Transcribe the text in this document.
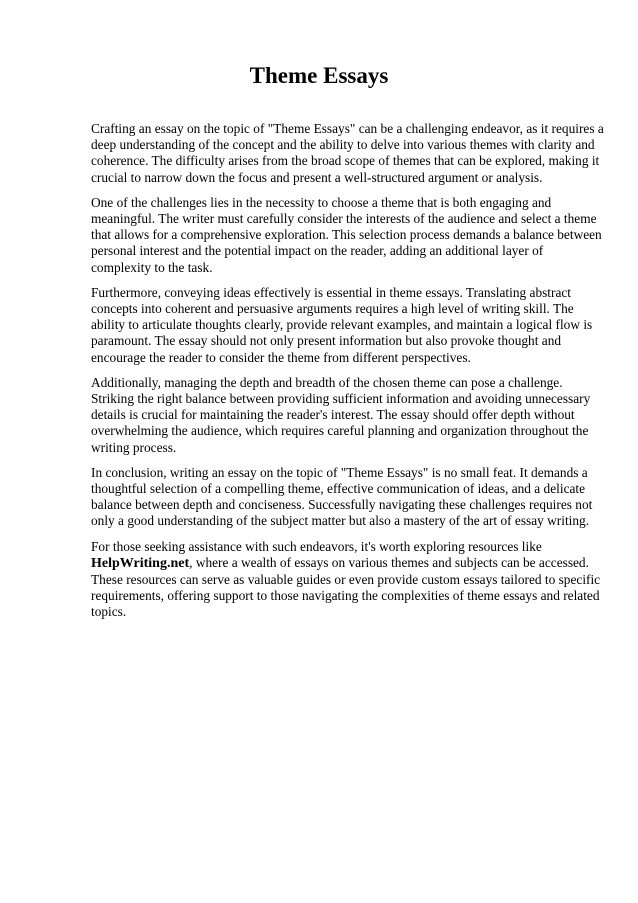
Theme Essays

Crafting an essay on the topic of "Theme Essays" can be a challenging endeavor, as it requires a deep understanding of the concept and the ability to delve into various themes with clarity and coherence. The difficulty arises from the broad scope of themes that can be explored, making it crucial to narrow down the focus and present a well-structured argument or analysis.

One of the challenges lies in the necessity to choose a theme that is both engaging and meaningful. The writer must carefully consider the interests of the audience and select a theme that allows for a comprehensive exploration. This selection process demands a balance between personal interest and the potential impact on the reader, adding an additional layer of complexity to the task.

Furthermore, conveying ideas effectively is essential in theme essays. Translating abstract concepts into coherent and persuasive arguments requires a high level of writing skill. The ability to articulate thoughts clearly, provide relevant examples, and maintain a logical flow is paramount. The essay should not only present information but also provoke thought and encourage the reader to consider the theme from different perspectives.

Additionally, managing the depth and breadth of the chosen theme can pose a challenge. Striking the right balance between providing sufficient information and avoiding unnecessary details is crucial for maintaining the reader's interest. The essay should offer depth without overwhelming the audience, which requires careful planning and organization throughout the writing process.

In conclusion, writing an essay on the topic of "Theme Essays" is no small feat. It demands a thoughtful selection of a compelling theme, effective communication of ideas, and a delicate balance between depth and conciseness. Successfully navigating these challenges requires not only a good understanding of the subject matter but also a mastery of the art of essay writing.

For those seeking assistance with such endeavors, it's worth exploring resources like HelpWriting.net, where a wealth of essays on various themes and subjects can be accessed. These resources can serve as valuable guides or even provide custom essays tailored to specific requirements, offering support to those navigating the complexities of theme essays and related topics.
